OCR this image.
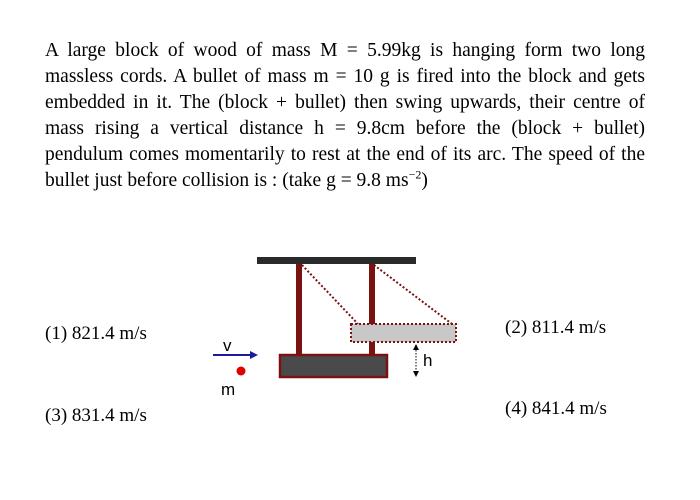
A large block of wood of mass M = 5.99kg is hanging form two long massless cords. A bullet of mass m = 10 g is fired into the block and gets embedded in it. The (block + bullet) then swing upwards, their centre of mass rising a vertical distance h = 9.8cm before the (block + bullet) pendulum comes momentarily to rest at the end of its arc. The speed of the bullet just before collision is : (take g = 9.8 $ms^{-2}$)

h
v
m
(1) 821.4 m/s	(2) 811.4 m/s
(3) 831.4 m/s	(4) 841.4 m/s
